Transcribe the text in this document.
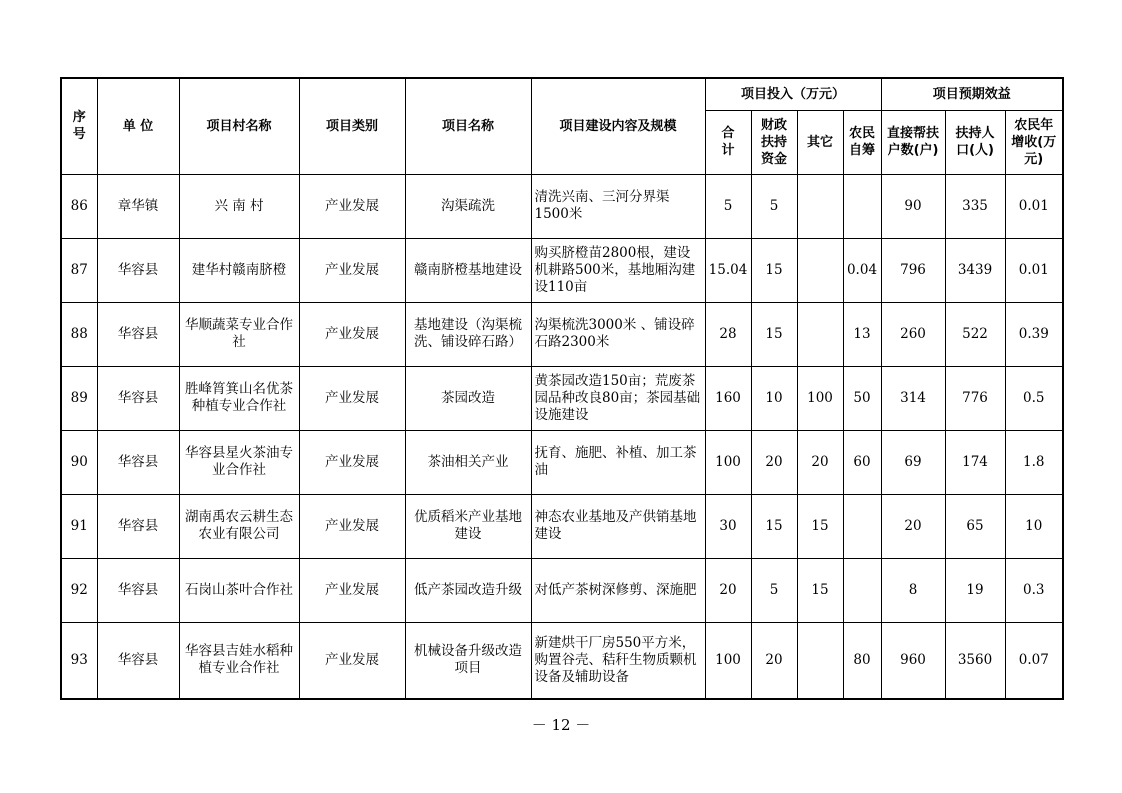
序号	单 位	项目村名称	项目类别	项目名称	项目建设内容及规模	项目投入（万元）				项目预期效益		
						合计	财政扶持资金	其它	农民自筹	直接帮扶户数(户)	扶持人口(人)	农民年增收(万元)
86	章华镇	兴 南 村	产业发展	沟渠疏洗	清洗兴南、三河分界渠1500米	5	5			90	335	0.01
87	华容县	建华村赣南脐橙	产业发展	赣南脐橙基地建设	购买脐橙苗2800根，建设机耕路500米，基地厢沟建设110亩	15.04	15		0.04	796	3439	0.01
88	华容县	华顺蔬菜专业合作社	产业发展	基地建设（沟渠梳洗、铺设碎石路）	沟渠梳洗3000米 、铺设碎石路2300米	28	15		13	260	522	0.39
89	华容县	胜峰筲箕山名优茶种植专业合作社	产业发展	茶园改造	黄茶园改造150亩；荒废茶园品种改良80亩；茶园基础设施建设	160	10	100	50	314	776	0.5
90	华容县	华容县星火茶油专业合作社	产业发展	茶油相关产业	抚育、施肥、补植、加工茶油	100	20	20	60	69	174	1.8
91	华容县	湖南禹农云耕生态农业有限公司	产业发展	优质稻米产业基地建设	神态农业基地及产供销基地建设	30	15	15		20	65	10
92	华容县	石岗山茶叶合作社	产业发展	低产茶园改造升级	对低产茶树深修剪、深施肥	20	5	15		8	19	0.3
93	华容县	华容县吉娃水稻种植专业合作社	产业发展	机械设备升级改造项目	新建烘干厂房550平方米，购置谷壳、秸秆生物质颗机设备及辅助设备	100	20		80	960	3560	0.07
－ 12 －
